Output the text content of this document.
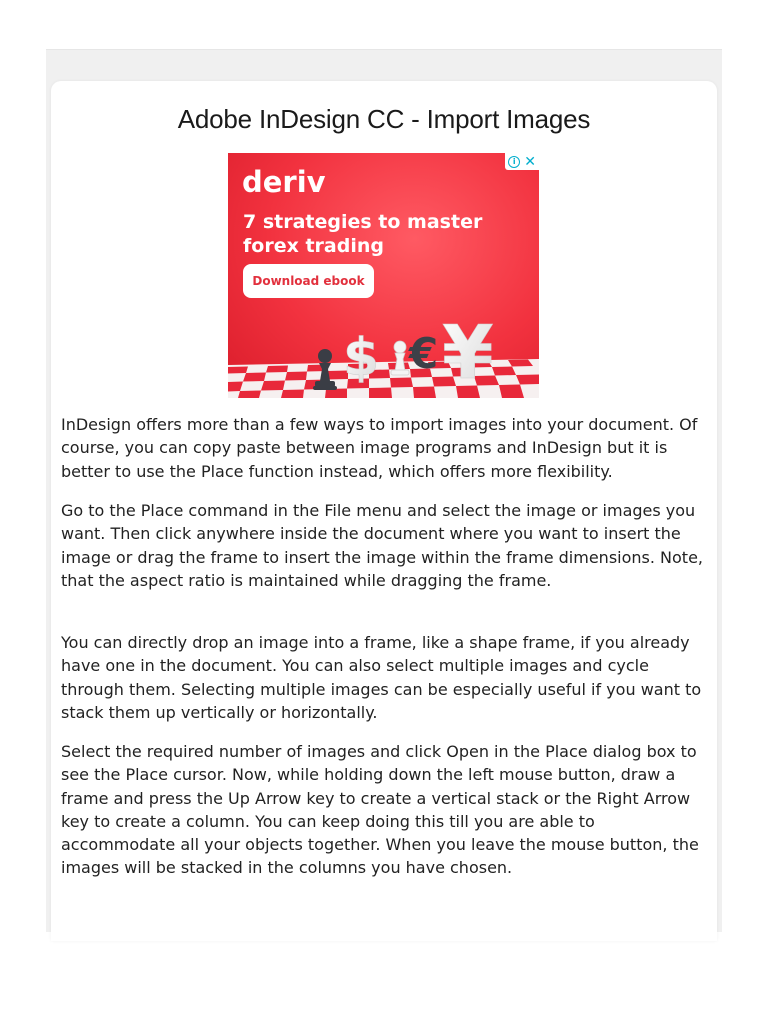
Adobe InDesign CC - Import Images
i ✕
deriv
7 strategies to master forex trading
Download ebook
$ € ¥

InDesign offers more than a few ways to import images into your document. Of course, you can copy paste between image programs and InDesign but it is better to use the Place function instead, which offers more flexibility.

Go to the Place command in the File menu and select the image or images you want. Then click anywhere inside the document where you want to insert the image or drag the frame to insert the image within the frame dimensions. Note, that the aspect ratio is maintained while dragging the frame.

You can directly drop an image into a frame, like a shape frame, if you already have one in the document. You can also select multiple images and cycle through them. Selecting multiple images can be especially useful if you want to stack them up vertically or horizontally.

Select the required number of images and click Open in the Place dialog box to see the Place cursor. Now, while holding down the left mouse button, draw a frame and press the Up Arrow key to create a vertical stack or the Right Arrow key to create a column. You can keep doing this till you are able to accommodate all your objects together. When you leave the mouse button, the images will be stacked in the columns you have chosen.
